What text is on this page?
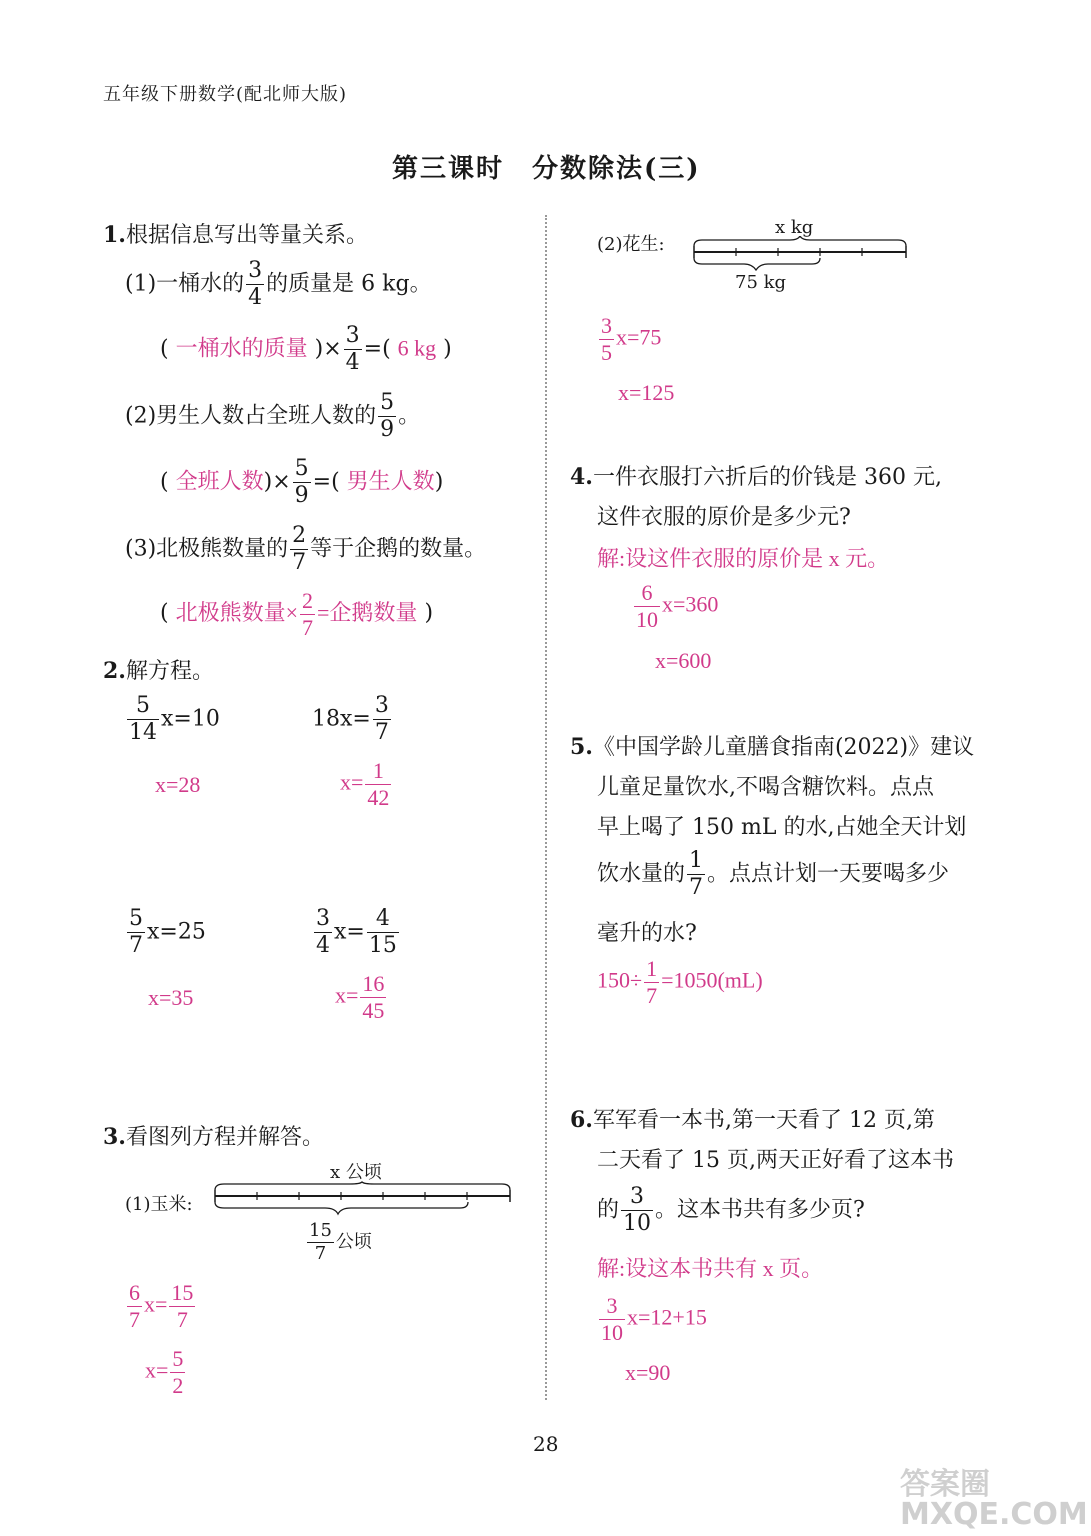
五年级下册数学(配北师大版)
第三课时　分数除法(三)
1.根据信息写出等量关系。
(1)一桶水的 $\frac{3}{4}$ 的质量是 6 kg。
( 一桶水的质量 )× $\frac{3}{4}$ =( 6 kg )
(2)男生人数占全班人数的 $\frac{5}{9}$ 。
( 全班人数)× $\frac{5}{9}$ =( 男生人数)
(3)北极熊数量的 $\frac{2}{7}$ 等于企鹅的数量。
( 北极熊数量× $\frac{2}{7}$ =企鹅数量 )
2.解方程。
$\frac{5}{14} x=10$
x=28
$18x= \frac{3}{7}$
$x= \frac{1}{42}$
$\frac{5}{7} x=25$
x=35
$\frac{3}{4} x= \frac{4}{15}$
$x= \frac{16}{45}$
3.看图列方程并解答。
(1)玉米:
x 公顷
$\frac{15}{7}$ 公顷
$\frac{6}{7} x= \frac{15}{7}$
$x= \frac{5}{2}$
(2)花生:
x kg
75 kg
$\frac{3}{5} x=75$
x=125
4.一件衣服打六折后的价钱是 360 元,
这件衣服的原价是多少元?
解:设这件衣服的原价是 x 元。
$\frac{6}{10} x=360$
x=600
5.《中国学龄儿童膳食指南(2022)》建议
儿童足量饮水,不喝含糖饮料。点点
早上喝了 150 mL 的水,占她全天计划
饮水量的 $\frac{1}{7}$ 。点点计划一天要喝多少
毫升的水?
$150\div \frac{1}{7} =1050(mL)$
6.军军看一本书,第一天看了 12 页,第
二天看了 15 页,两天正好看了这本书
的 $\frac{3}{10}$ 。这本书共有多少页?
解:设这本书共有 x 页。
$\frac{3}{10} x=12+15$
x=90
28
答案圈 MXQE.COM
